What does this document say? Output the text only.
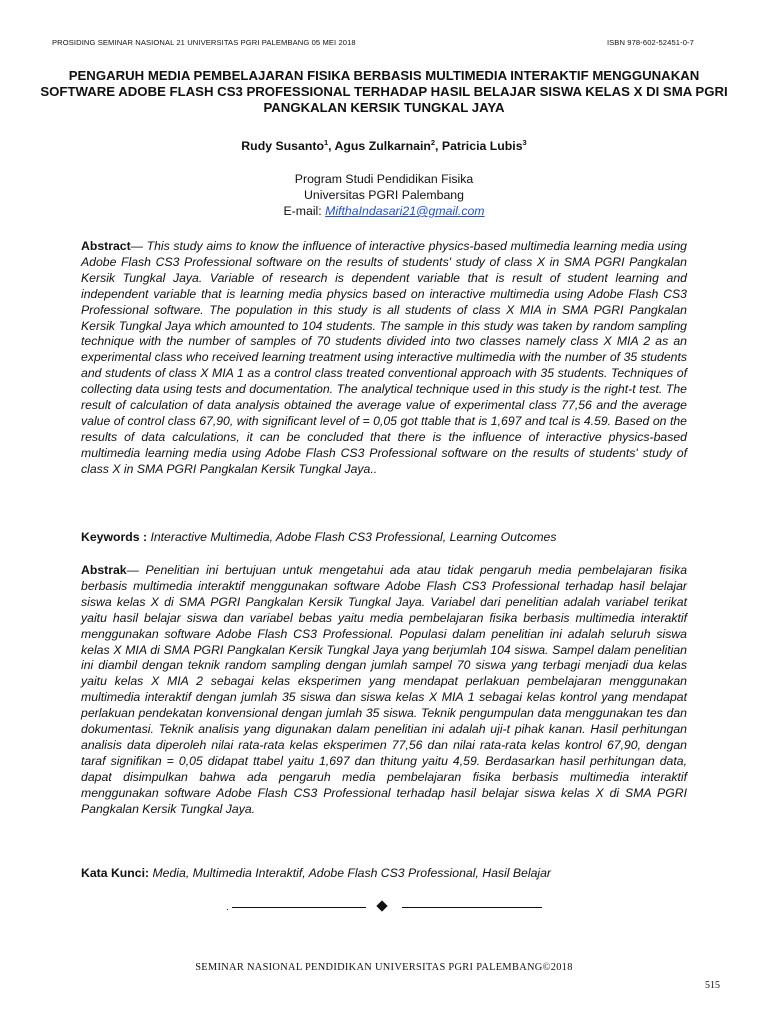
PROSIDING SEMINAR NASIONAL 21 UNIVERSITAS PGRI PALEMBANG 05 MEI 2018	ISBN 978-602-52451-0-7
PENGARUH MEDIA PEMBELAJARAN FISIKA BERBASIS MULTIMEDIA INTERAKTIF MENGGUNAKAN SOFTWARE ADOBE FLASH CS3 PROFESSIONAL TERHADAP HASIL BELAJAR SISWA KELAS X DI SMA PGRI PANGKALAN KERSIK TUNGKAL JAYA
Rudy Susanto$^1$, Agus Zulkarnain$^2$, Patricia Lubis$^3$
Program Studi Pendidikan Fisika
Universitas PGRI Palembang
E-mail: MifthaIndasari21@gmail.com
Abstract— This study aims to know the influence of interactive physics-based multimedia learning media using Adobe Flash CS3 Professional software on the results of students' study of class X in SMA PGRI Pangkalan Kersik Tungkal Jaya. Variable of research is dependent variable that is result of student learning and independent variable that is learning media physics based on interactive multimedia using Adobe Flash CS3 Professional software. The population in this study is all students of class X MIA in SMA PGRI Pangkalan Kersik Tungkal Jaya which amounted to 104 students. The sample in this study was taken by random sampling technique with the number of samples of 70 students divided into two classes namely class X MIA 2 as an experimental class who received learning treatment using interactive multimedia with the number of 35 students and students of class X MIA 1 as a control class treated conventional approach with 35 students. Techniques of collecting data using tests and documentation. The analytical technique used in this study is the right-t test. The result of calculation of data analysis obtained the average value of experimental class 77,56 and the average value of control class 67,90, with significant level of = 0,05 got ttable that is 1,697 and tcal is 4.59. Based on the results of data calculations, it can be concluded that there is the influence of interactive physics-based multimedia learning media using Adobe Flash CS3 Professional software on the results of students' study of class X in SMA PGRI Pangkalan Kersik Tungkal Jaya..
Keywords : Interactive Multimedia, Adobe Flash CS3 Professional, Learning Outcomes
Abstrak— Penelitian ini bertujuan untuk mengetahui ada atau tidak pengaruh media pembelajaran fisika berbasis multimedia interaktif menggunakan software Adobe Flash CS3 Professional terhadap hasil belajar siswa kelas X di SMA PGRI Pangkalan Kersik Tungkal Jaya. Variabel dari penelitian adalah variabel terikat yaitu hasil belajar siswa dan variabel bebas yaitu media pembelajaran fisika berbasis multimedia interaktif menggunakan software Adobe Flash CS3 Professional. Populasi dalam penelitian ini adalah seluruh siswa kelas X MIA di SMA PGRI Pangkalan Kersik Tungkal Jaya yang berjumlah 104 siswa. Sampel dalam penelitian ini diambil dengan teknik random sampling dengan jumlah sampel 70 siswa yang terbagi menjadi dua kelas yaitu kelas X MIA 2 sebagai kelas eksperimen yang mendapat perlakuan pembelajaran menggunakan multimedia interaktif dengan jumlah 35 siswa dan siswa kelas X MIA 1 sebagai kelas kontrol yang mendapat perlakuan pendekatan konvensional dengan jumlah 35 siswa. Teknik pengumpulan data menggunakan tes dan dokumentasi. Teknik analisis yang digunakan dalam penelitian ini adalah uji-t pihak kanan. Hasil perhitungan analisis data diperoleh nilai rata-rata kelas eksperimen 77,56 dan nilai rata-rata kelas kontrol 67,90, dengan taraf signifikan = 0,05 didapat ttabel yaitu 1,697 dan thitung yaitu 4,59. Berdasarkan hasil perhitungan data, dapat disimpulkan bahwa ada pengaruh media pembelajaran fisika berbasis multimedia interaktif menggunakan software Adobe Flash CS3 Professional terhadap hasil belajar siswa kelas X di SMA PGRI Pangkalan Kersik Tungkal Jaya.
Kata Kunci: Media, Multimedia Interaktif, Adobe Flash CS3 Professional, Hasil Belajar
.
SEMINAR NASIONAL PENDIDIKAN UNIVERSITAS PGRI PALEMBANG©2018
515
